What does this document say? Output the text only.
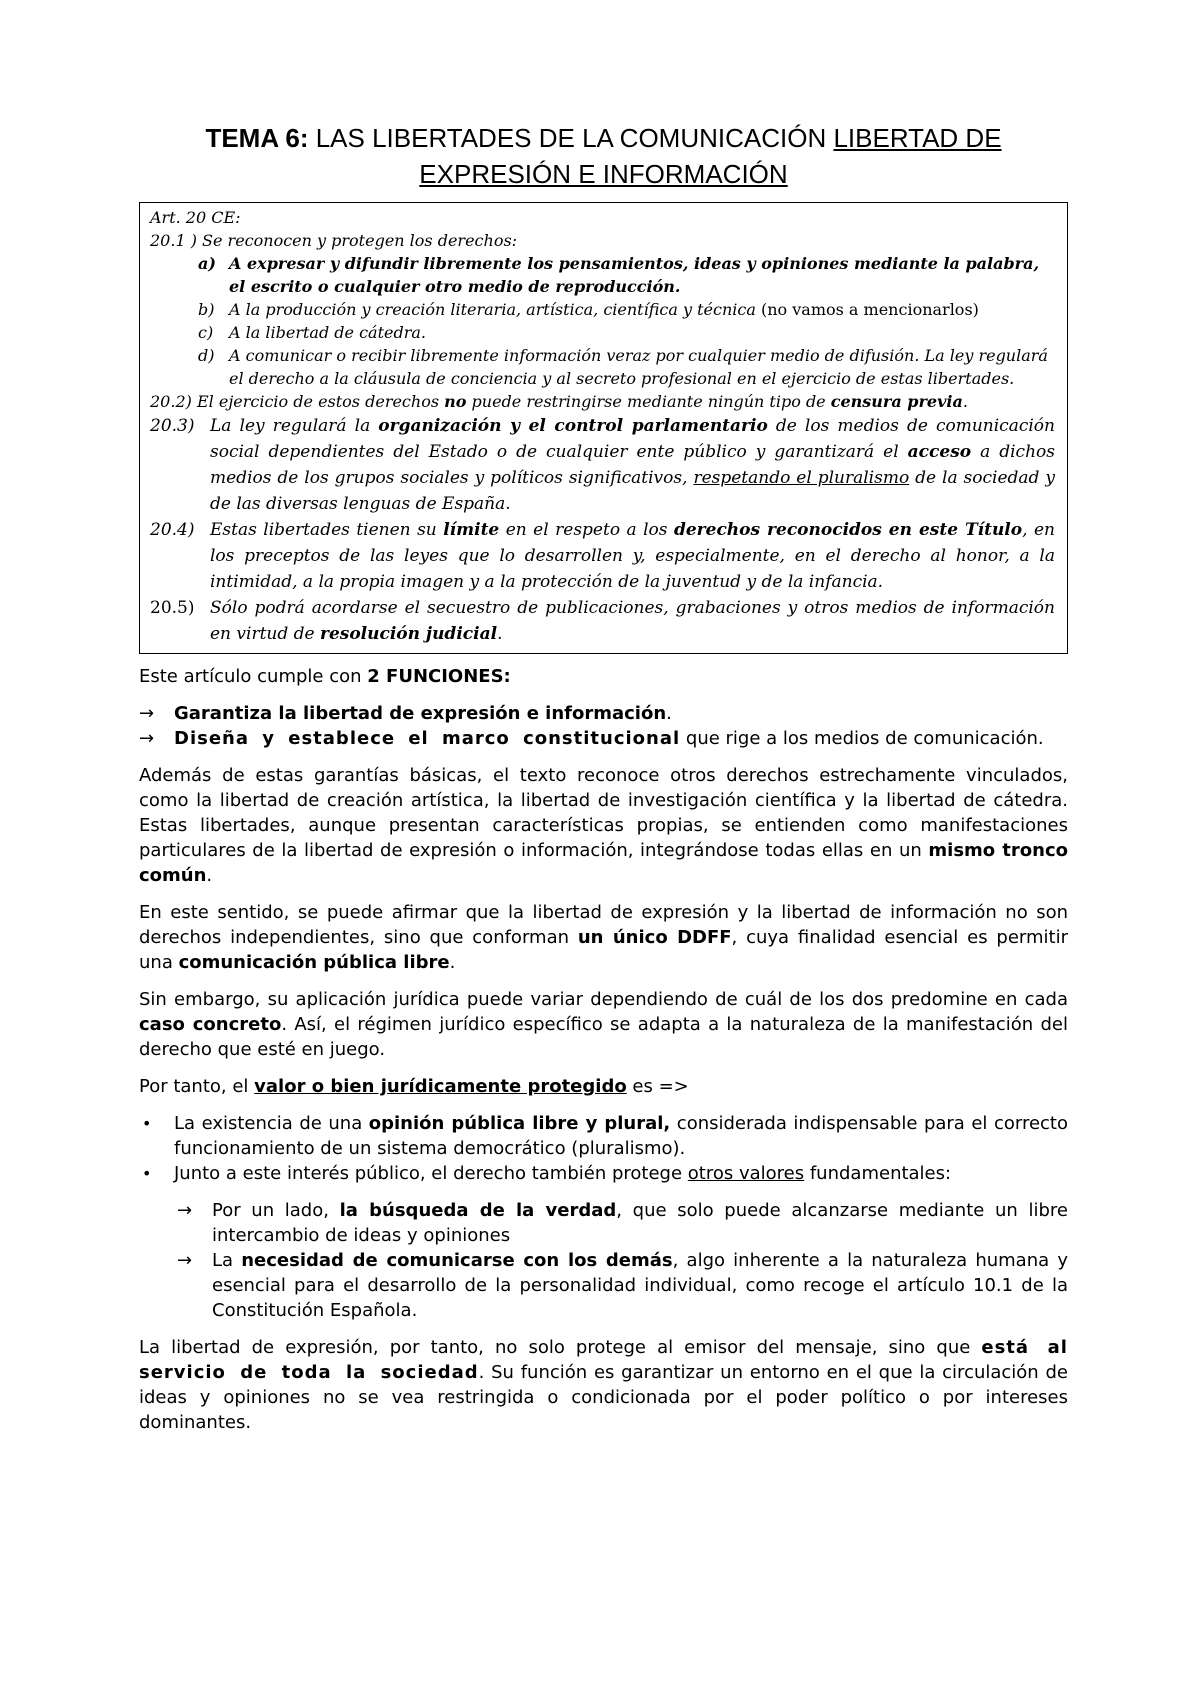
TEMA 6: LAS LIBERTADES DE LA COMUNICACIÓN LIBERTAD DE EXPRESIÓN E INFORMACIÓN

Art. 20 CE:

20.1 ) Se reconocen y protegen los derechos:

a) A expresar y difundir libremente los pensamientos, ideas y opiniones mediante la palabra, el escrito o cualquier otro medio de reproducción.
b) A la producción y creación literaria, artística, científica y técnica (no vamos a mencionarlos)
c) A la libertad de cátedra.
d) A comunicar o recibir libremente información veraz por cualquier medio de difusión. La ley regulará el derecho a la cláusula de conciencia y al secreto profesional en el ejercicio de estas libertades.

20.2) El ejercicio de estos derechos no puede restringirse mediante ningún tipo de censura previa.

20.3) La ley regulará la organización y el control parlamentario de los medios de comunicación social dependientes del Estado o de cualquier ente público y garantizará el acceso a dichos medios de los grupos sociales y políticos significativos, respetando el pluralismo de la sociedad y de las diversas lenguas de España.
20.4) Estas libertades tienen su límite en el respeto a los derechos reconocidos en este Título, en los preceptos de las leyes que lo desarrollen y, especialmente, en el derecho al honor, a la intimidad, a la propia imagen y a la protección de la juventud y de la infancia.
20.5) Sólo podrá acordarse el secuestro de publicaciones, grabaciones y otros medios de información en virtud de resolución judicial.

Este artículo cumple con 2 FUNCIONES:

→	Garantiza la libertad de expresión e información.
→	Diseña y establece el marco constitucional que rige a los medios de comunicación.

Además de estas garantías básicas, el texto reconoce otros derechos estrechamente vinculados, como la libertad de creación artística, la libertad de investigación científica y la libertad de cátedra. Estas libertades, aunque presentan características propias, se entienden como manifestaciones particulares de la libertad de expresión o información, integrándose todas ellas en un mismo tronco común.

En este sentido, se puede afirmar que la libertad de expresión y la libertad de información no son derechos independientes, sino que conforman un único DDFF, cuya finalidad esencial es permitir una comunicación pública libre.

Sin embargo, su aplicación jurídica puede variar dependiendo de cuál de los dos predomine en cada caso concreto. Así, el régimen jurídico específico se adapta a la naturaleza de la manifestación del derecho que esté en juego.

Por tanto, el valor o bien jurídicamente protegido es =>

•	La existencia de una opinión pública libre y plural, considerada indispensable para el correcto funcionamiento de un sistema democrático (pluralismo).
•	Junto a este interés público, el derecho también protege otros valores fundamentales:
→	Por un lado, la búsqueda de la verdad, que solo puede alcanzarse mediante un libre intercambio de ideas y opiniones
→	La necesidad de comunicarse con los demás, algo inherente a la naturaleza humana y esencial para el desarrollo de la personalidad individual, como recoge el artículo 10.1 de la Constitución Española.

La libertad de expresión, por tanto, no solo protege al emisor del mensaje, sino que está al servicio de toda la sociedad. Su función es garantizar un entorno en el que la circulación de ideas y opiniones no se vea restringida o condicionada por el poder político o por intereses dominantes.
